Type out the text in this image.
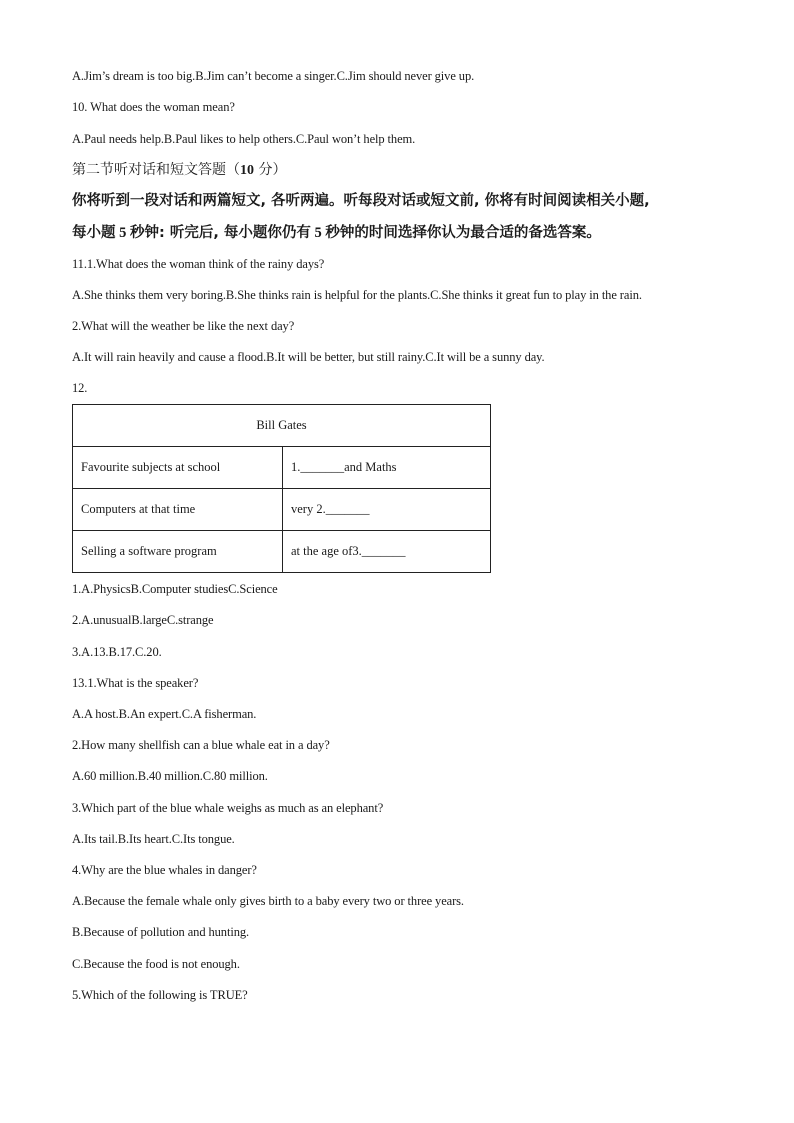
A.Jim’s dream is too big.B.Jim can’t become a singer.C.Jim should never give up.
10. What does the woman mean?
A.Paul needs help.B.Paul likes to help others.C.Paul won’t help them.
第二节听对话和短文答题（10 分）
你将听到一段对话和两篇短文, 各听两遍。听每段对话或短文前, 你将有时间阅读相关小题,
每小题 5 秒钟: 听完后, 每小题你仍有 5 秒钟的时间选择你认为最合适的备选答案。
11.1.What does the woman think of the rainy days?
A.She thinks them very boring.B.She thinks rain is helpful for the plants.C.She thinks it great fun to play in the rain.
2.What will the weather be like the next day?
A.It will rain heavily and cause a flood.B.It will be better, but still rainy.C.It will be a sunny day.
12.
Bill Gates	
Favourite subjects at school	1._______and Maths
Computers at that time	very 2._______
Selling a software program	at the age of3._______
1.A.PhysicsB.Computer studiesC.Science
2.A.unusualB.largeC.strange
3.A.13.B.17.C.20.
13.1.What is the speaker?
A.A host.B.An expert.C.A fisherman.
2.How many shellfish can a blue whale eat in a day?
A.60 million.B.40 million.C.80 million.
3.Which part of the blue whale weighs as much as an elephant?
A.Its tail.B.Its heart.C.Its tongue.
4.Why are the blue whales in danger?
A.Because the female whale only gives birth to a baby every two or three years.
B.Because of pollution and hunting.
C.Because the food is not enough.
5.Which of the following is TRUE?
